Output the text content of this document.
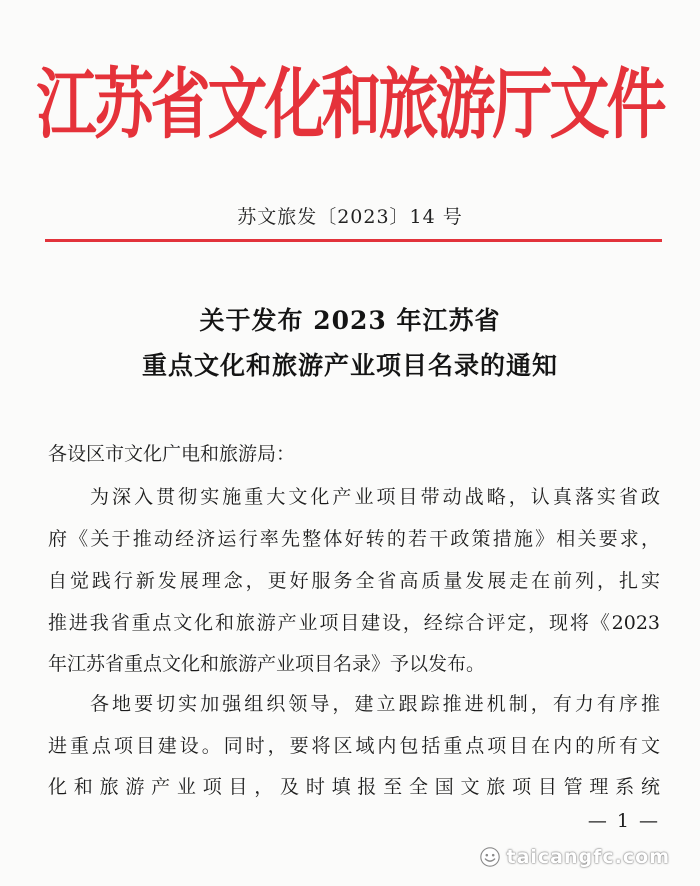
江苏省文化和旅游厅文件
苏文旅发〔2023〕14 号
关于发布 2023 年江苏省
重点文化和旅游产业项目名录的通知
各设区市文化广电和旅游局：
为深入贯彻实施重大文化产业项目带动战略，认真落实省政
府《关于推动经济运行率先整体好转的若干政策措施》相关要求，
自觉践行新发展理念，更好服务全省高质量发展走在前列，扎实
推进我省重点文化和旅游产业项目建设，经综合评定，现将《2023
年江苏省重点文化和旅游产业项目名录》予以发布。
各地要切实加强组织领导，建立跟踪推进机制，有力有序推
进重点项目建设。同时，要将区域内包括重点项目在内的所有文
化和旅游产业项目，及时填报至全国文旅项目管理系统
— 1 —
taicangfc.com
